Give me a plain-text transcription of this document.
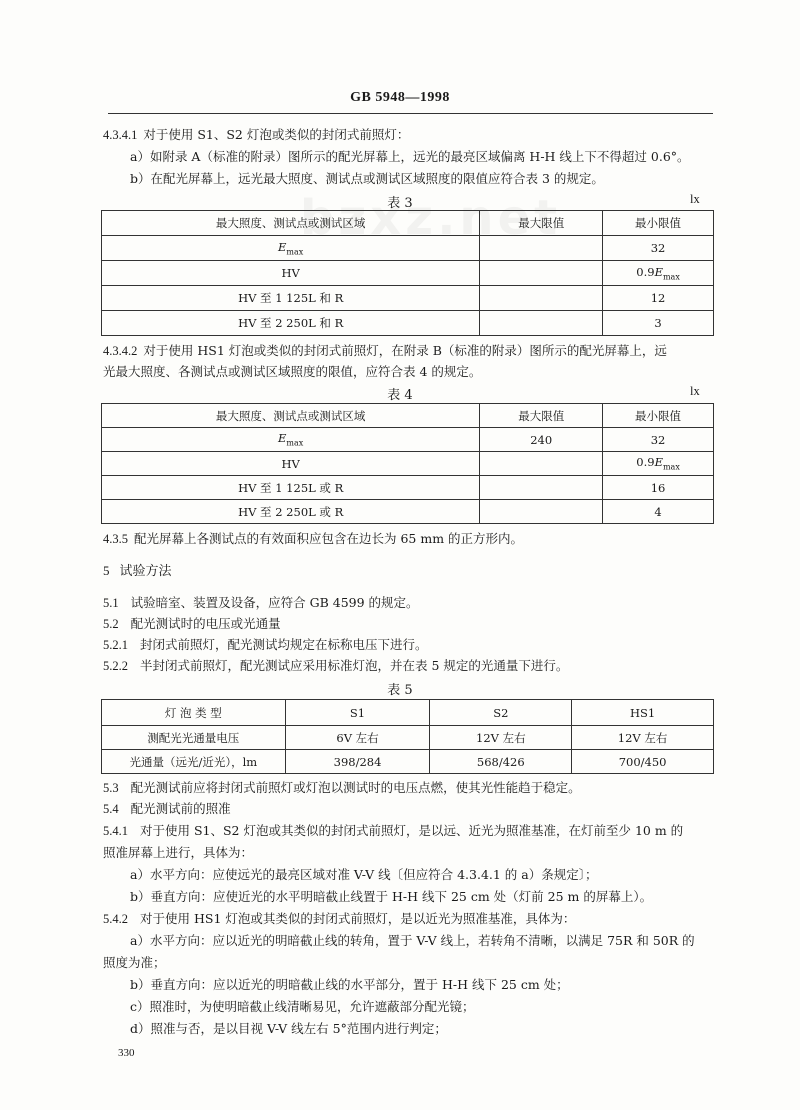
GB 5948—1998
4.3.4.1 对于使用 S1、S2 灯泡或类似的封闭式前照灯：
a）如附录 A（标准的附录）图所示的配光屏幕上，远光的最亮区域偏离 H-H 线上下不得超过 0.6°。
b）在配光屏幕上，远光最大照度、测试点或测试区域照度的限值应符合表 3 的规定。
表 3	lx
最大照度、测试点或测试区域	最大限值	最小限值
$E_{max}$		32
HV		$0.9E_{max}$
HV 至 1 125L 和 R		12
HV 至 2 250L 和 R		3
4.3.4.2 对于使用 HS1 灯泡或类似的封闭式前照灯，在附录 B（标准的附录）图所示的配光屏幕上，远
光最大照度、各测试点或测试区域照度的限值，应符合表 4 的规定。
表 4	lx
最大照度、测试点或测试区域	最大限值	最小限值
$E_{max}$	240	32
HV		$0.9E_{max}$
HV 至 1 125L 或 R		16
HV 至 2 250L 或 R		4
4.3.5 配光屏幕上各测试点的有效面积应包含在边长为 65 mm 的正方形内。
5 试验方法
5.1 试验暗室、装置及设备，应符合 GB 4599 的规定。
5.2 配光测试时的电压或光通量
5.2.1 封闭式前照灯，配光测试均规定在标称电压下进行。
5.2.2 半封闭式前照灯，配光测试应采用标准灯泡，并在表 5 规定的光通量下进行。
表 5
灯 泡 类 型	S1	S2	HS1
测配光光通量电压	6V 左右	12V 左右	12V 左右
光通量（远光/近光），lm	398/284	568/426	700/450
5.3 配光测试前应将封闭式前照灯或灯泡以测试时的电压点燃，使其光性能趋于稳定。
5.4 配光测试前的照准
5.4.1 对于使用 S1、S2 灯泡或其类似的封闭式前照灯，是以远、近光为照准基准，在灯前至少 10 m 的
照准屏幕上进行，具体为：
a）水平方向：应使远光的最亮区域对准 V-V 线〔但应符合 4.3.4.1 的 a）条规定〕；
b）垂直方向：应使近光的水平明暗截止线置于 H-H 线下 25 cm 处（灯前 25 m 的屏幕上）。
5.4.2 对于使用 HS1 灯泡或其类似的封闭式前照灯，是以近光为照准基准，具体为：
a）水平方向：应以近光的明暗截止线的转角，置于 V-V 线上，若转角不清晰，以满足 75R 和 50R 的
照度为准；
b）垂直方向：应以近光的明暗截止线的水平部分，置于 H-H 线下 25 cm 处；
c）照准时，为使明暗截止线清晰易见，允许遮蔽部分配光镜；
d）照准与否，是以目视 V-V 线左右 5°范围内进行判定；
330
